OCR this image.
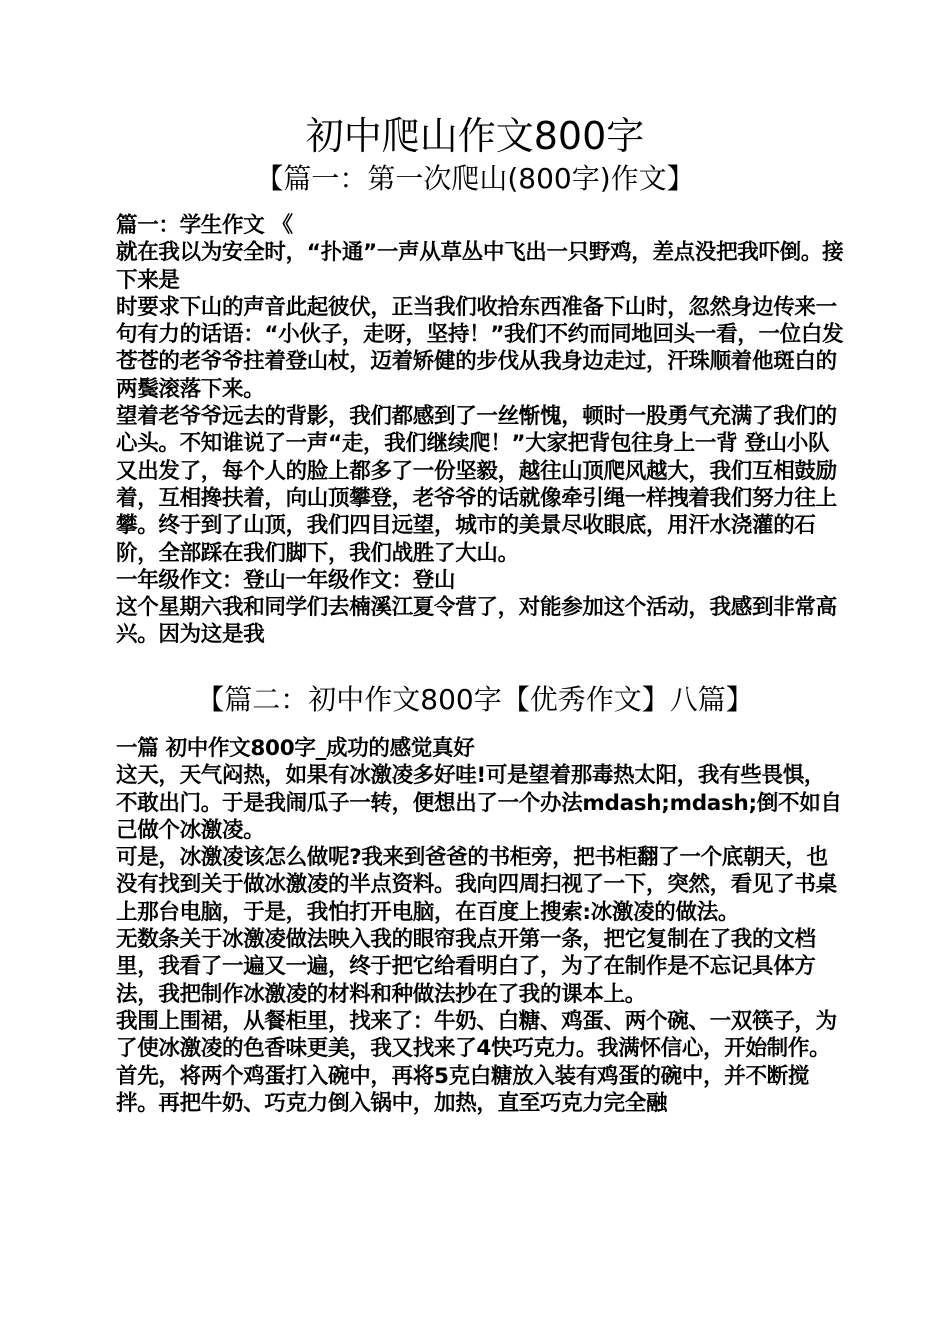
初中爬山作文800字
【篇一：第一次爬山(800字)作文】

篇一：学生作文 《

就在我以为安全时，“扑通”一声从草丛中飞出一只野鸡，差点没把我吓倒。接下来是

时要求下山的声音此起彼伏，正当我们收拾东西准备下山时，忽然身边传来一句有力的话语：“小伙子，走呀，坚持！”我们不约而同地回头一看，一位白发苍苍的老爷爷拄着登山杖，迈着矫健的步伐从我身边走过，汗珠顺着他斑白的两鬓滚落下来。

望着老爷爷远去的背影，我们都感到了一丝惭愧，顿时一股勇气充满了我们的心头。不知谁说了一声“走，我们继续爬！”大家把背包往身上一背 登山小队又出发了，每个人的脸上都多了一份坚毅，越往山顶爬风越大，我们互相鼓励着，互相搀扶着，向山顶攀登，老爷爷的话就像牵引绳一样拽着我们努力往上攀。终于到了山顶，我们四目远望，城市的美景尽收眼底，用汗水浇灌的石阶，全部踩在我们脚下，我们战胜了大山。

一年级作文：登山一年级作文：登山

这个星期六我和同学们去楠溪江夏令营了，对能参加这个活动，我感到非常高兴。因为这是我

【篇二：初中作文800字【优秀作文】八篇】

一篇 初中作文800字_成功的感觉真好

这天，天气闷热，如果有冰激凌多好哇!可是望着那毒热太阳，我有些畏惧，不敢出门。于是我闹瓜子一转，便想出了一个办法mdash;mdash;倒不如自己做个冰激凌。

可是，冰激凌该怎么做呢?我来到爸爸的书柜旁，把书柜翻了一个底朝天，也没有找到关于做冰激凌的半点资料。我向四周扫视了一下，突然，看见了书桌上那台电脑，于是，我怕打开电脑，在百度上搜索:冰激凌的做法。

无数条关于冰激凌做法映入我的眼帘我点开第一条，把它复制在了我的文档里，我看了一遍又一遍，终于把它给看明白了，为了在制作是不忘记具体方法，我把制作冰激凌的材料和种做法抄在了我的课本上。

我围上围裙，从餐柜里，找来了：牛奶、白糖、鸡蛋、两个碗、一双筷子，为了使冰激凌的色香味更美，我又找来了4快巧克力。我满怀信心，开始制作。

首先，将两个鸡蛋打入碗中，再将5克白糖放入装有鸡蛋的碗中，并不断搅拌。再把牛奶、巧克力倒入锅中，加热，直至巧克力完全融
